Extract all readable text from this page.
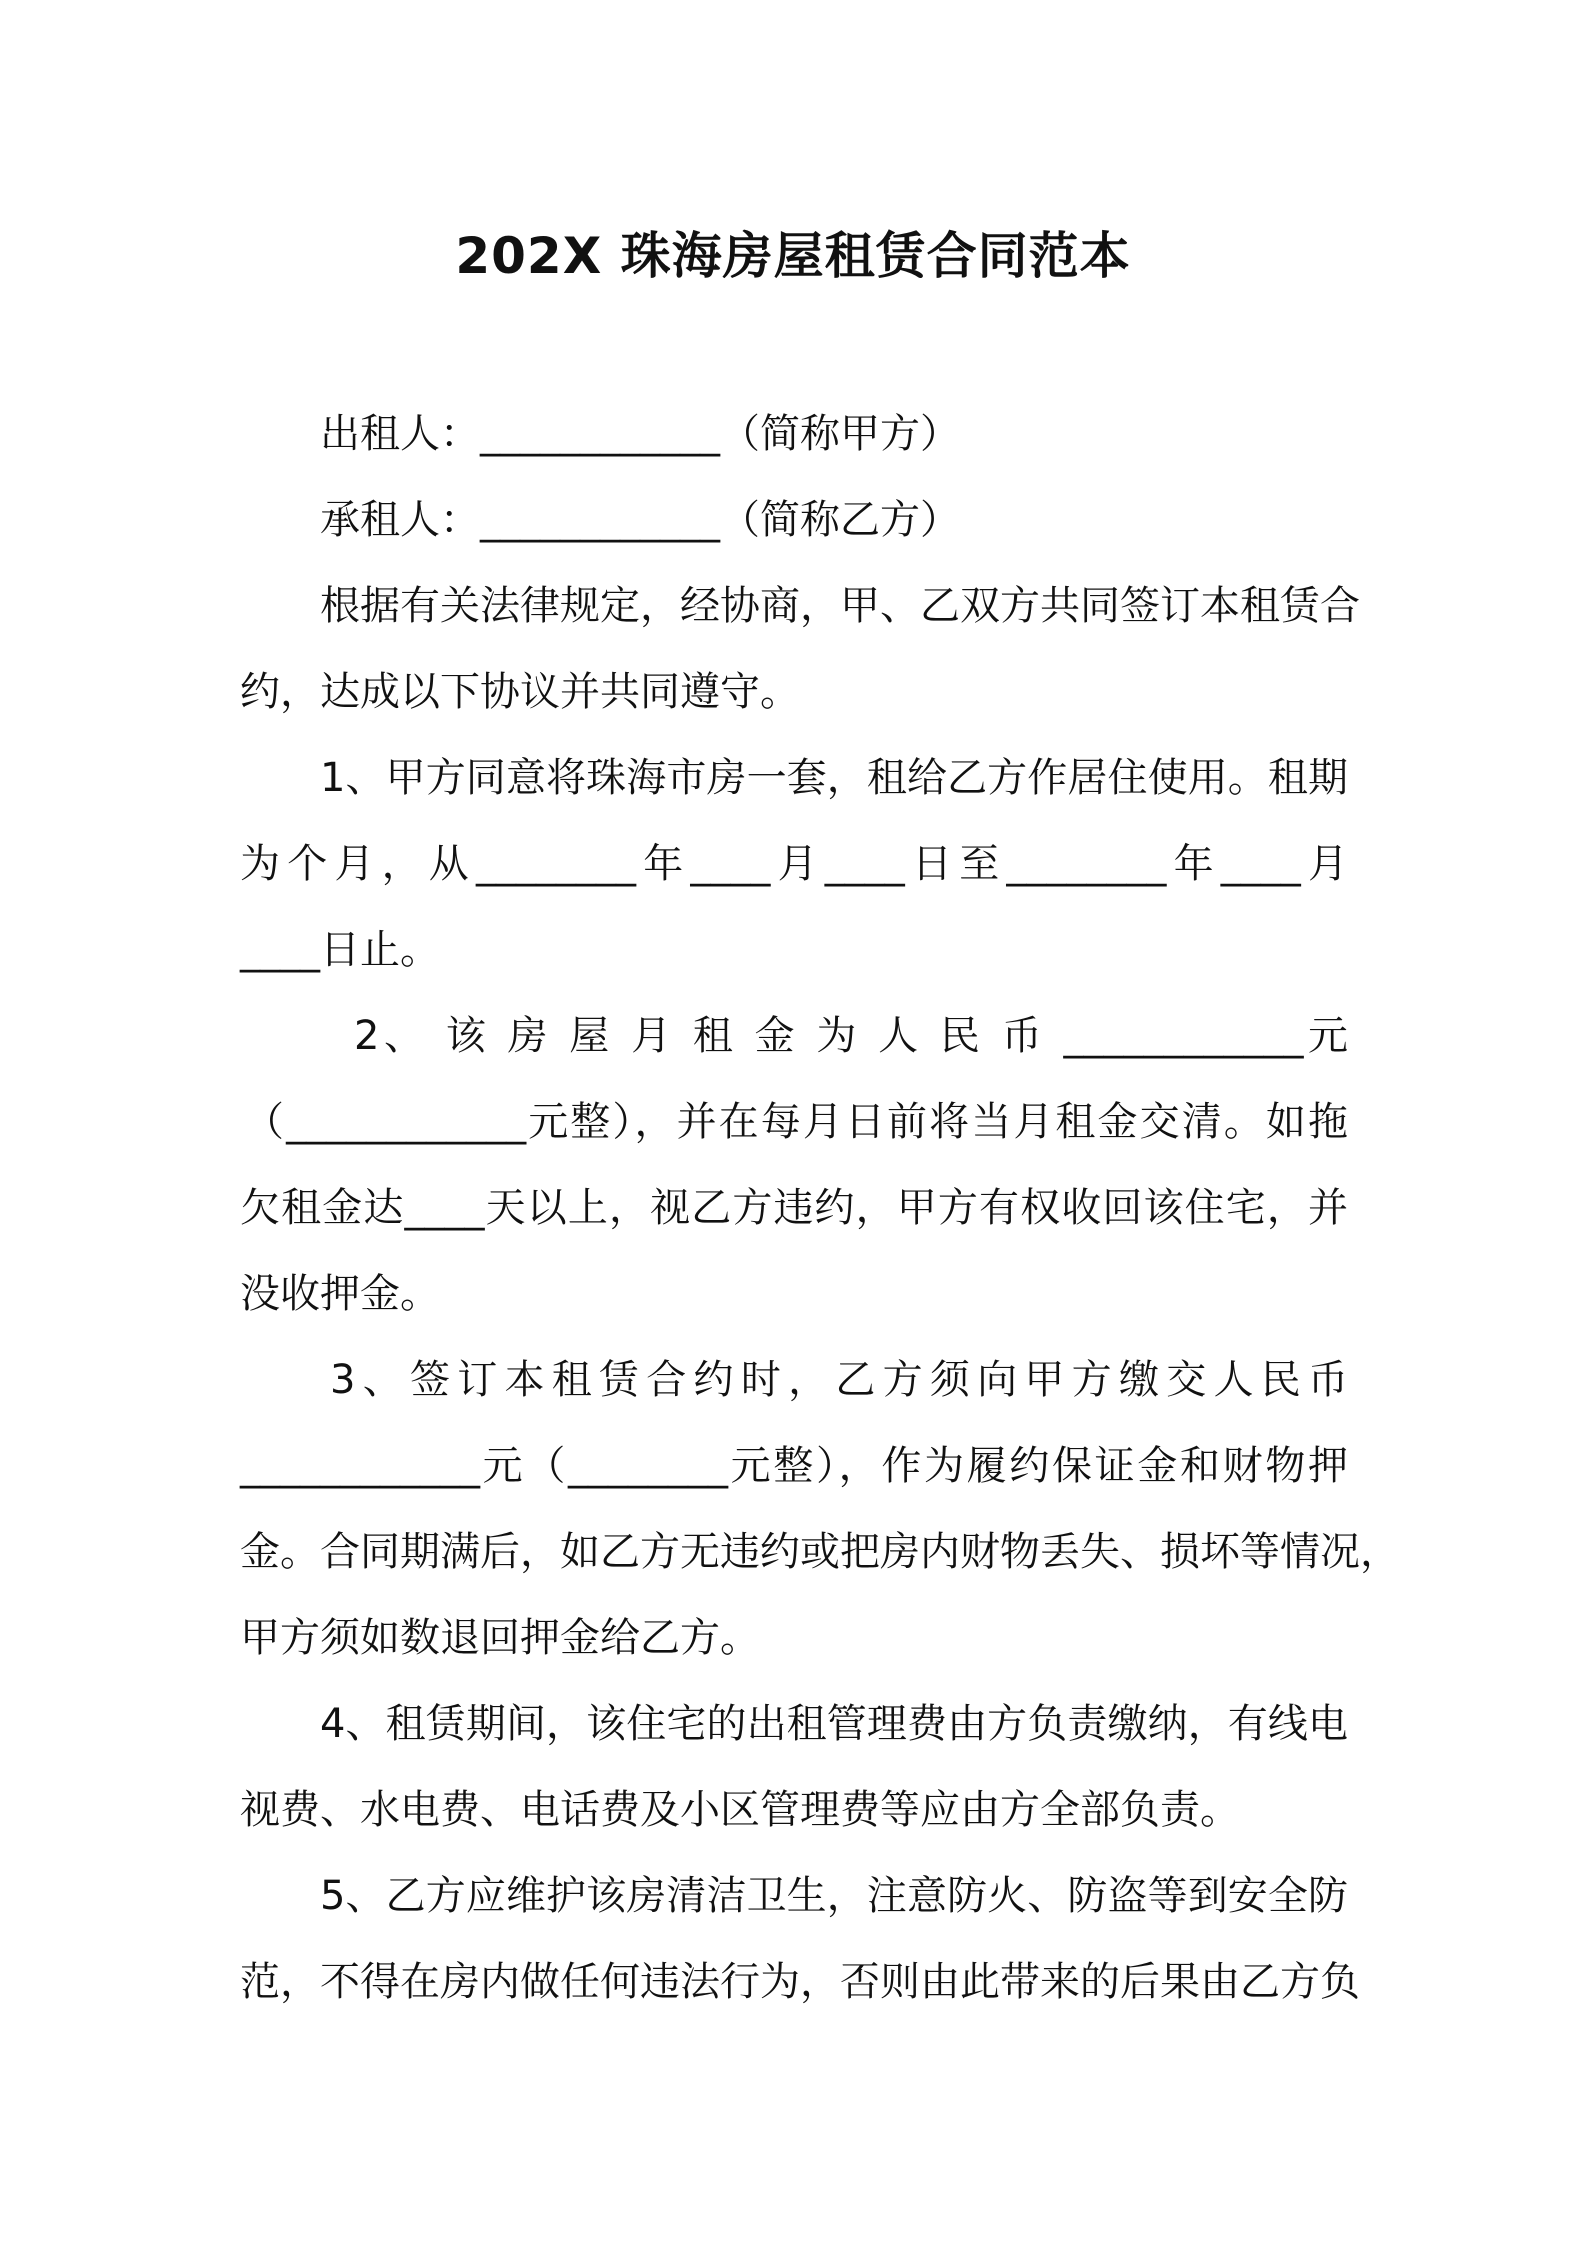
202X 珠海房屋租赁合同范本
出租人：____________（简称甲方）
承租人：____________（简称乙方）
根据有关法律规定，经协商，甲、乙双方共同签订本租赁合
约，达成以下协议并共同遵守。
1、甲方同意将珠海市房一套，租给乙方作居住使用。租期
为个月，从________年____月____日至________年____月
____日止。
2、 该 房 屋 月 租 金 为 人 民 币 ____________元
（____________元整），并在每月日前将当月租金交清。如拖
欠租金达____天以上，视乙方违约，甲方有权收回该住宅，并
没收押金。
3、签订本租赁合约时，乙方须向甲方缴交人民币
____________元（________元整），作为履约保证金和财物押
金。合同期满后，如乙方无违约或把房内财物丢失、损坏等情况，
甲方须如数退回押金给乙方。
4、租赁期间，该住宅的出租管理费由方负责缴纳，有线电
视费、水电费、电话费及小区管理费等应由方全部负责。
5、乙方应维护该房清洁卫生，注意防火、防盗等到安全防
范，不得在房内做任何违法行为，否则由此带来的后果由乙方负
